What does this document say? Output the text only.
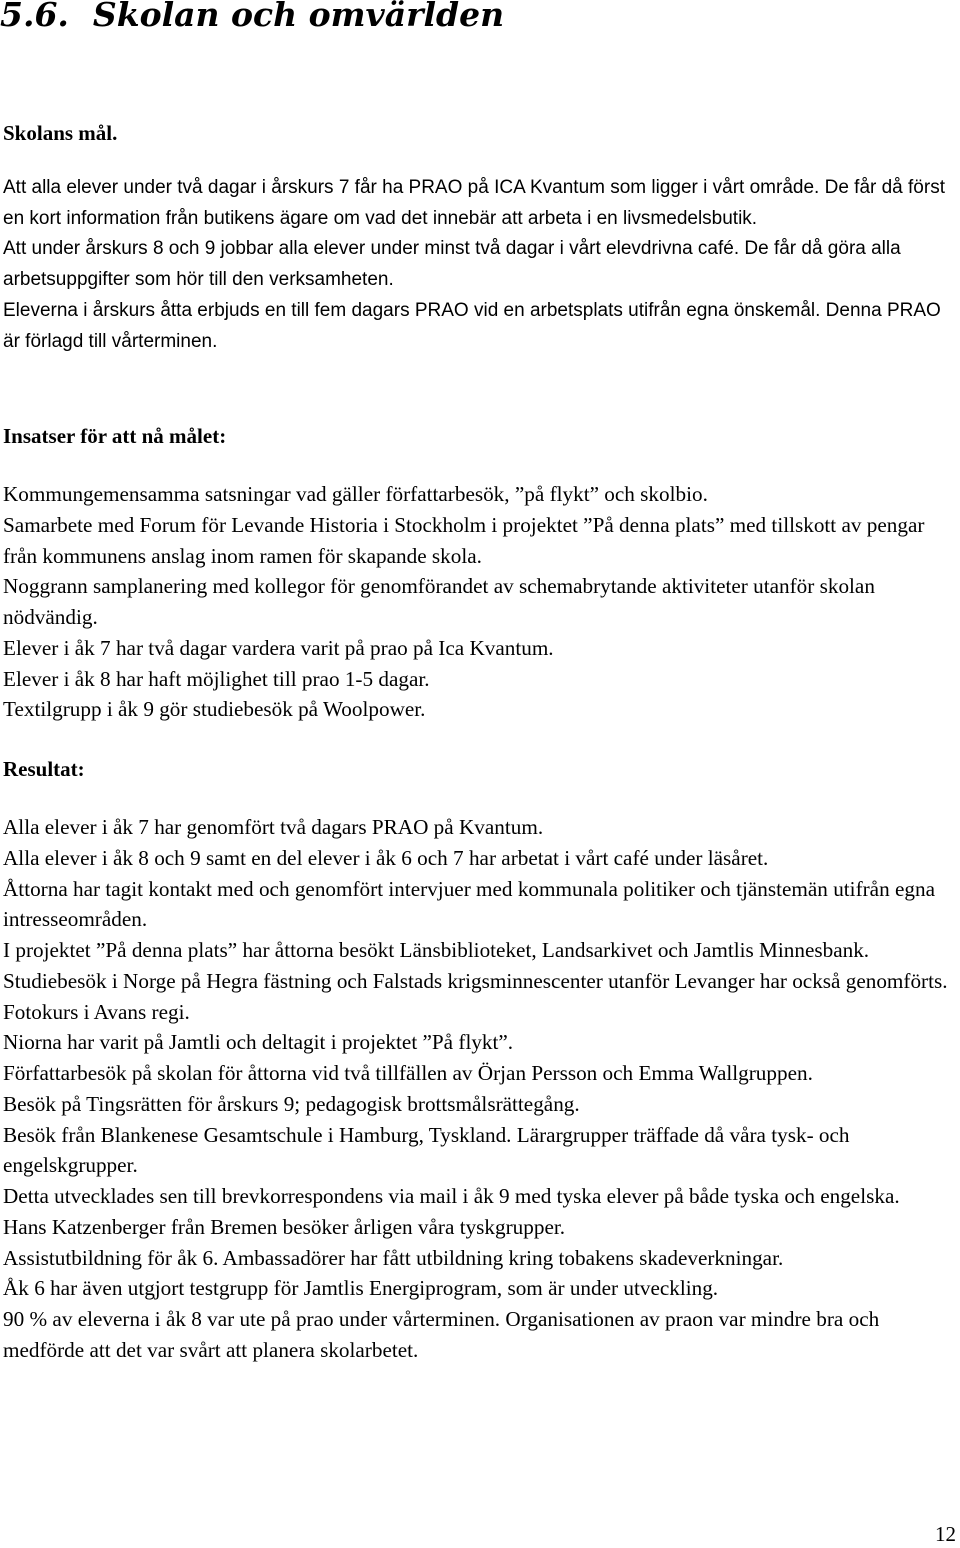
5.6. Skolan och omvärlden
Skolans mål.

Att alla elever under två dagar i årskurs 7 får ha PRAO på ICA Kvantum som ligger i vårt område. De får då först en kort information från butikens ägare om vad det innebär att arbeta i en livsmedelsbutik.

Att under årskurs 8 och 9 jobbar alla elever under minst två dagar i vårt elevdrivna café. De får då göra alla arbetsuppgifter som hör till den verksamheten.

Eleverna i årskurs åtta erbjuds en till fem dagars PRAO vid en arbetsplats utifrån egna önskemål. Denna PRAO är förlagd till vårterminen.

Insatser för att nå målet:

Kommungemensamma satsningar vad gäller författarbesök, ”på flykt” och skolbio.

Samarbete med Forum för Levande Historia i Stockholm i projektet ”På denna plats” med tillskott av pengar från kommunens anslag inom ramen för skapande skola.

Noggrann samplanering med kollegor för genomförandet av schemabrytande aktiviteter utanför skolan nödvändig.

Elever i åk 7 har två dagar vardera varit på prao på Ica Kvantum.

Elever i åk 8 har haft möjlighet till prao 1-5 dagar.

Textilgrupp i åk 9 gör studiebesök på Woolpower.

Resultat:

Alla elever i åk 7 har genomfört två dagars PRAO på Kvantum.

Alla elever i åk 8 och 9 samt en del elever i åk 6 och 7 har arbetat i vårt café under läsåret.

Åttorna har tagit kontakt med och genomfört intervjuer med kommunala politiker och tjänstemän utifrån egna intresseområden.

I projektet ”På denna plats” har åttorna besökt Länsbiblioteket, Landsarkivet och Jamtlis Minnesbank. Studiebesök i Norge på Hegra fästning och Falstads krigsminnescenter utanför Levanger har också genomförts. Fotokurs i Avans regi.

Niorna har varit på Jamtli och deltagit i projektet ”På flykt”.

Författarbesök på skolan för åttorna vid två tillfällen av Örjan Persson och Emma Wallgruppen.

Besök på Tingsrätten för årskurs 9; pedagogisk brottsmålsrättegång.

Besök från Blankenese Gesamtschule i Hamburg, Tyskland. Lärargrupper träffade då våra tysk- och engelskgrupper.

Detta utvecklades sen till brevkorrespondens via mail i åk 9 med tyska elever på både tyska och engelska.

Hans Katzenberger från Bremen besöker årligen våra tyskgrupper.

Assistutbildning för åk 6. Ambassadörer har fått utbildning kring tobakens skadeverkningar.

Åk 6 har även utgjort testgrupp för Jamtlis Energiprogram, som är under utveckling.

90 % av eleverna i åk 8 var ute på prao under vårterminen. Organisationen av praon var mindre bra och medförde att det var svårt att planera skolarbetet.

12
